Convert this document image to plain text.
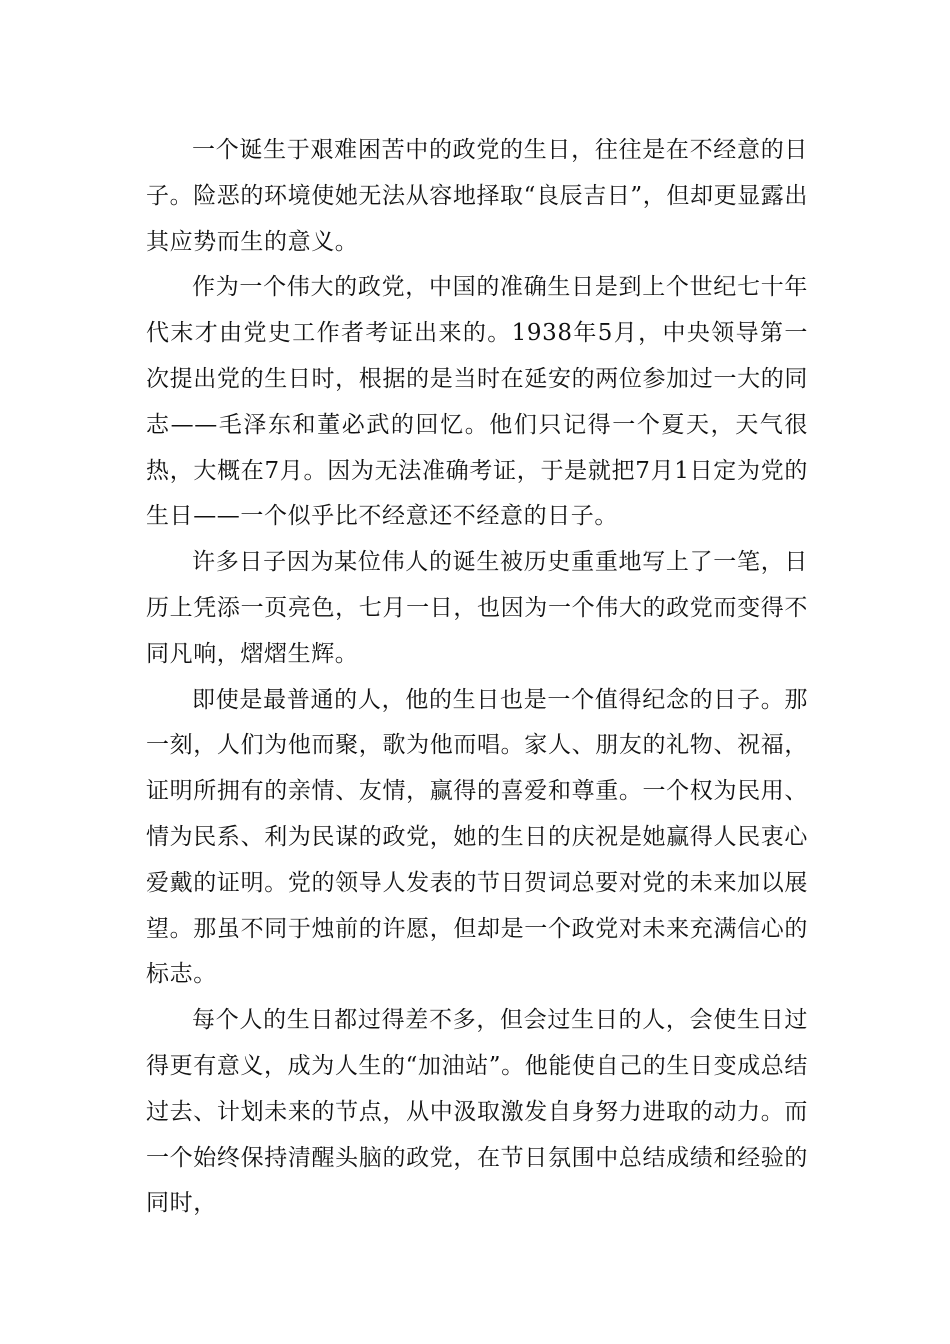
一个诞生于艰难困苦中的政党的生日，往往是在不经意的日子。险恶的环境使她无法从容地择取“良辰吉日”，但却更显露出其应势而生的意义。

作为一个伟大的政党，中国的准确生日是到上个世纪七十年代末才由党史工作者考证出来的。1938年5月，中央领导第一次提出党的生日时，根据的是当时在延安的两位参加过一大的同志——毛泽东和董必武的回忆。他们只记得一个夏天，天气很热，大概在7月。因为无法准确考证，于是就把7月1日定为党的生日——一个似乎比不经意还不经意的日子。

许多日子因为某位伟人的诞生被历史重重地写上了一笔，日历上凭添一页亮色，七月一日，也因为一个伟大的政党而变得不同凡响，熠熠生辉。

即使是最普通的人，他的生日也是一个值得纪念的日子。那一刻，人们为他而聚，歌为他而唱。家人、朋友的礼物、祝福，证明所拥有的亲情、友情，赢得的喜爱和尊重。一个权为民用、情为民系、利为民谋的政党，她的生日的庆祝是她赢得人民衷心爱戴的证明。党的领导人发表的节日贺词总要对党的未来加以展望。那虽不同于烛前的许愿，但却是一个政党对未来充满信心的标志。

每个人的生日都过得差不多，但会过生日的人，会使生日过得更有意义，成为人生的“加油站”。他能使自己的生日变成总结过去、计划未来的节点，从中汲取激发自身努力进取的动力。而一个始终保持清醒头脑的政党，在节日氛围中总结成绩和经验的同时，
